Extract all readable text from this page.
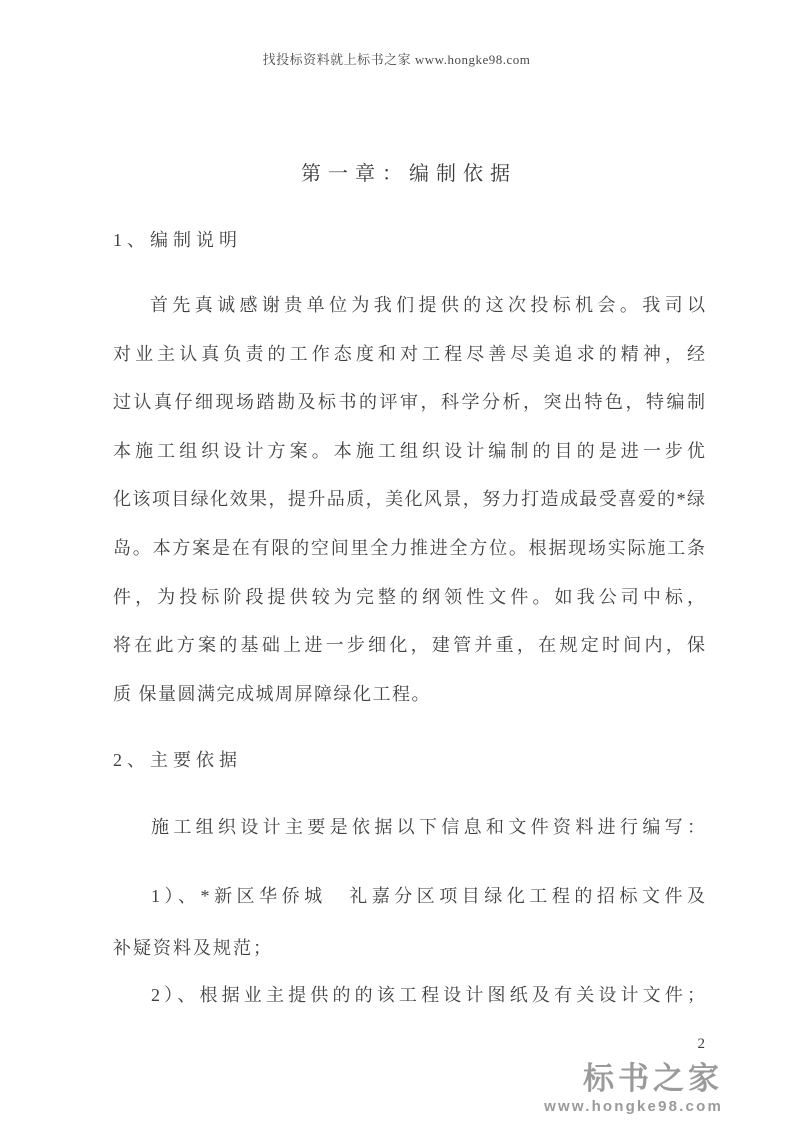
找投标资料就上标书之家 www.hongke98.com
第一章：编制依据
1、编制说明
首先真诚感谢贵单位为我们提供的这次投标机会。我司以
对业主认真负责的工作态度和对工程尽善尽美追求的精神，经
过认真仔细现场踏勘及标书的评审，科学分析，突出特色，特编制
本施工组织设计方案。本施工组织设计编制的目的是进一步优
化该项目绿化效果，提升品质，美化风景，努力打造成最受喜爱的*绿
岛。本方案是在有限的空间里全力推进全方位。根据现场实际施工条
件，为投标阶段提供较为完整的纲领性文件。如我公司中标，
将在此方案的基础上进一步细化，建管并重，在规定时间内，保
质 保量圆满完成城周屏障绿化工程。
2、主要依据
施工组织设计主要是依据以下信息和文件资料进行编写：
1）、*新区华侨城　礼嘉分区项目绿化工程的招标文件及
补疑资料及规范；
2）、根据业主提供的的该工程设计图纸及有关设计文件；
2
标书之家
www.hongke98.com
